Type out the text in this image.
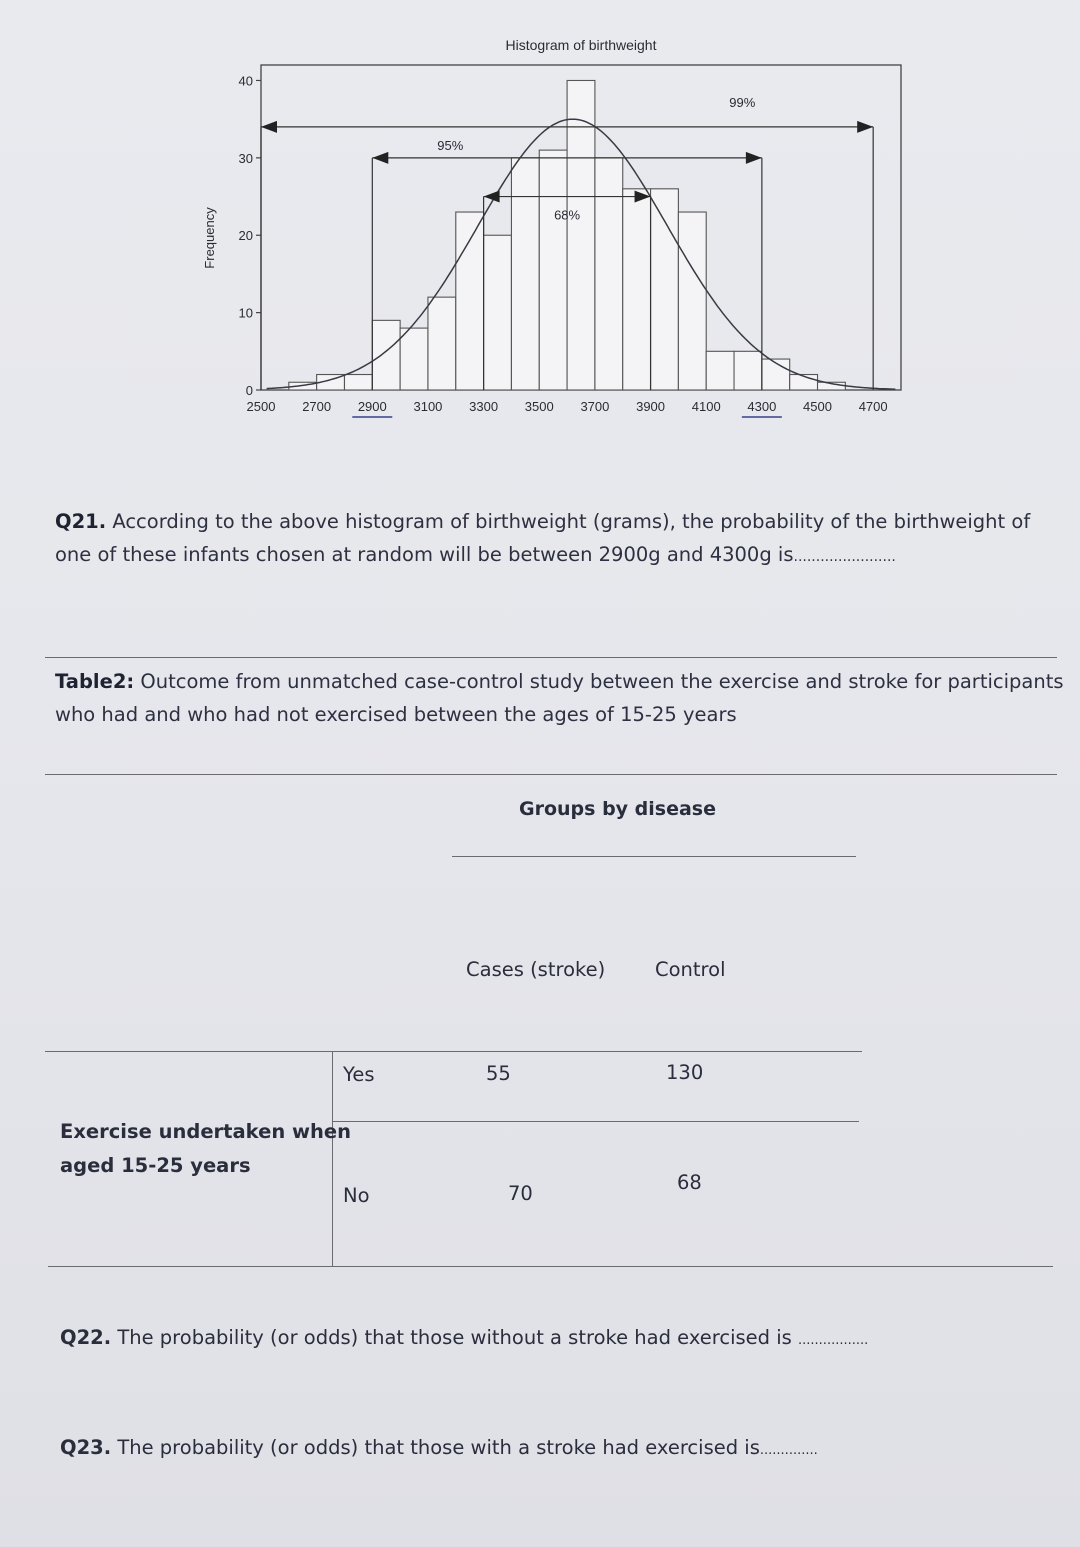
Histogram of birthweight
Frequency
0
10
20
30
40
2500 2700 2900 3100 3300 3500 3700 3900 4100 4300 4500 4700
99%
95%
68%
Q21. According to the above histogram of birthweight (grams), the probability of the birthweight of
one of these infants chosen at random will be between 2900g and 4300g is.......................
Table2: Outcome from unmatched case-control study between the exercise and stroke for participants
who had and who had not exercised between the ages of 15-25 years
Groups by disease
Cases (stroke)	Control
Exercise undertaken when
aged 15-25 years
Yes	55	130
No	70	68
Q22. The probability (or odds) that those without a stroke had exercised is .................
Q23. The probability (or odds) that those with a stroke had exercised is..............
